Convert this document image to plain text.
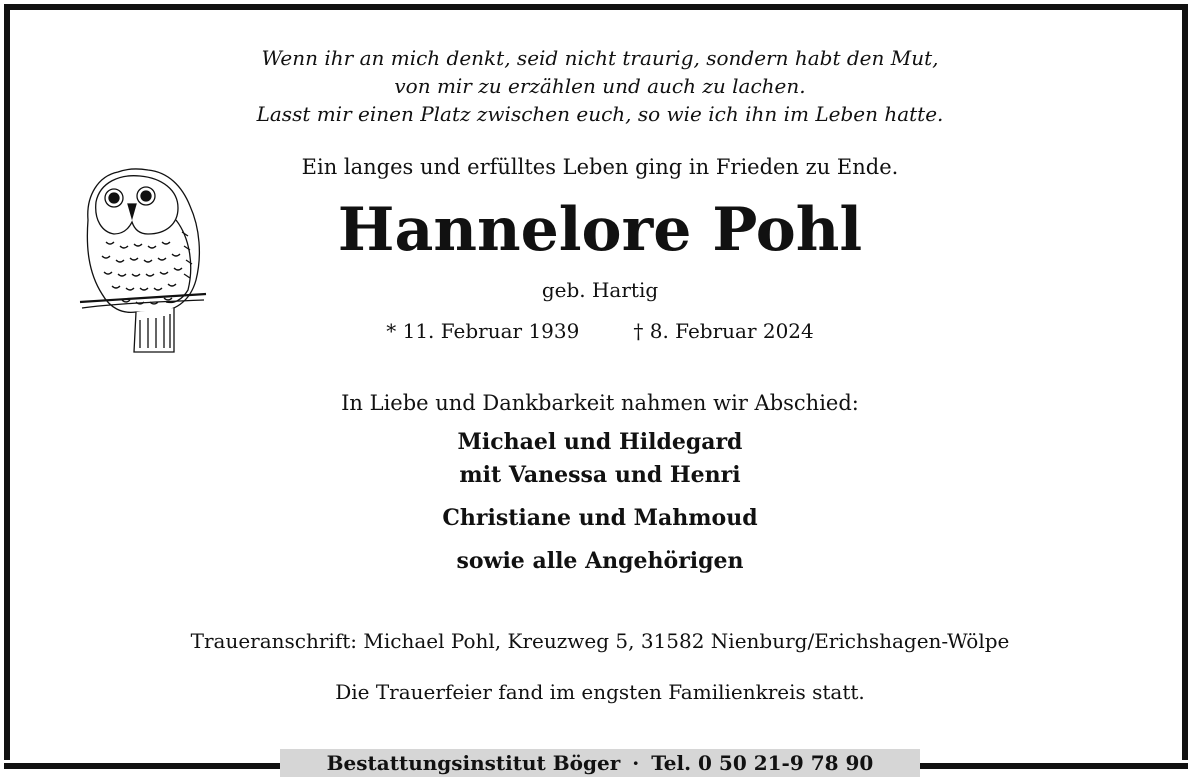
Wenn ihr an mich denkt, seid nicht traurig, sondern habt den Mut,
von mir zu erzählen und auch zu lachen.
Lasst mir einen Platz zwischen euch, so wie ich ihn im Leben hatte.
Ein langes und erfülltes Leben ging in Frieden zu Ende.
Hannelore Pohl
geb. Hartig
* 11. Februar 1939	† 8. Februar 2024
In Liebe und Dankbarkeit nahmen wir Abschied:
Michael und Hildegard
mit Vanessa und Henri
Christiane und Mahmoud
sowie alle Angehörigen
Traueranschrift: Michael Pohl, Kreuzweg 5, 31582 Nienburg/Erichshagen-Wölpe
Die Trauerfeier fand im engsten Familienkreis statt.
Bestattungsinstitut Böger · Tel. 0 50 21-9 78 90
